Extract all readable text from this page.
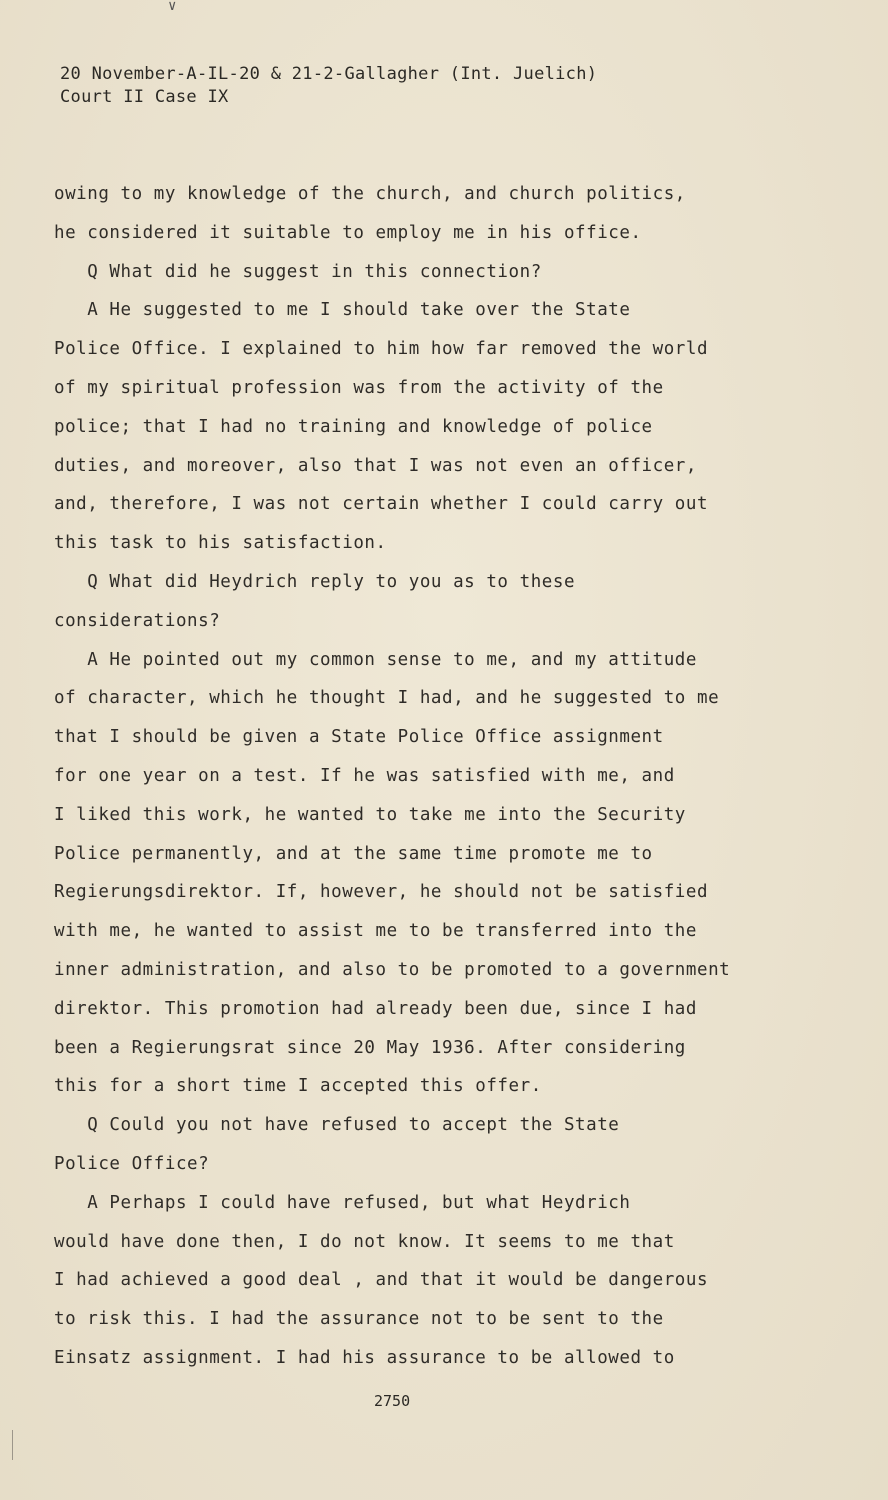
∨
20 November-A-IL-20 & 21-2-Gallagher (Int. Juelich)
Court II Case IX
owing to my knowledge of the church, and church politics,
he considered it suitable to employ me in his office.
Q What did he suggest in this connection?
A He suggested to me I should take over the State
Police Office. I explained to him how far removed the world
of my spiritual profession was from the activity of the
police; that I had no training and knowledge of police
duties, and moreover, also that I was not even an officer,
and, therefore, I was not certain whether I could carry out
this task to his satisfaction.
Q What did Heydrich reply to you as to these
considerations?
A He pointed out my common sense to me, and my attitude
of character, which he thought I had, and he suggested to me
that I should be given a State Police Office assignment
for one year on a test. If he was satisfied with me, and
I liked this work, he wanted to take me into the Security
Police permanently, and at the same time promote me to
Regierungsdirektor. If, however, he should not be satisfied
with me, he wanted to assist me to be transferred into the
inner administration, and also to be promoted to a government
direktor. This promotion had already been due, since I had
been a Regierungsrat since 20 May 1936. After considering
this for a short time I accepted this offer.
Q Could you not have refused to accept the State
Police Office?
A Perhaps I could have refused, but what Heydrich
would have done then, I do not know. It seems to me that
I had achieved a good deal , and that it would be dangerous
to risk this. I had the assurance not to be sent to the
Einsatz assignment. I had his assurance to be allowed to
2750
